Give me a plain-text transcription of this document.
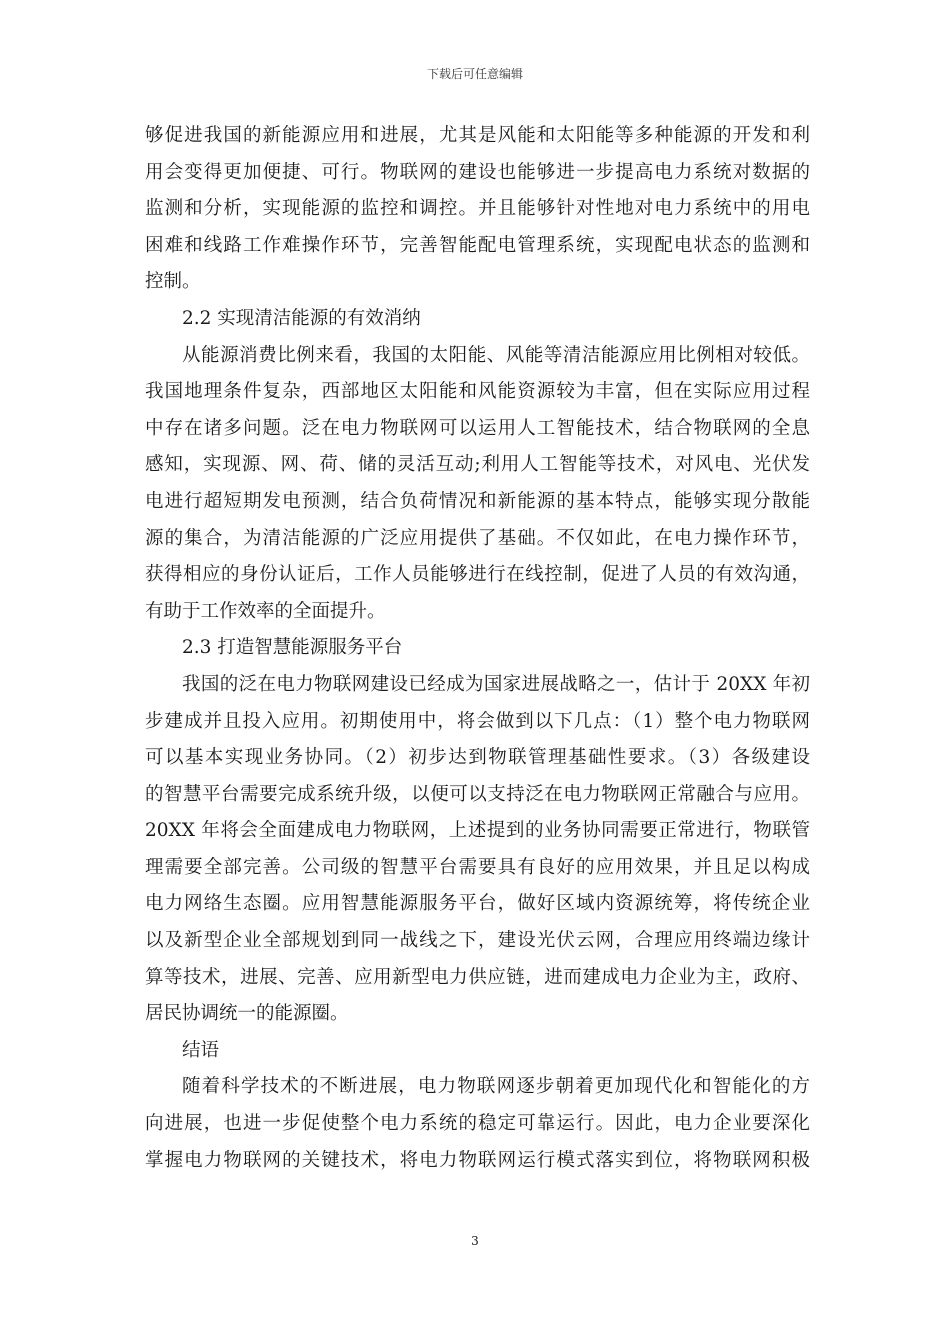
下载后可任意编辑
够促进我国的新能源应用和进展，尤其是风能和太阳能等多种能源的开发和利
用会变得更加便捷、可行。物联网的建设也能够进一步提高电力系统对数据的
监测和分析，实现能源的监控和调控。并且能够针对性地对电力系统中的用电
困难和线路工作难操作环节，完善智能配电管理系统，实现配电状态的监测和
控制。
2.2 实现清洁能源的有效消纳
从能源消费比例来看，我国的太阳能、风能等清洁能源应用比例相对较低。
我国地理条件复杂，西部地区太阳能和风能资源较为丰富，但在实际应用过程
中存在诸多问题。泛在电力物联网可以运用人工智能技术，结合物联网的全息
感知，实现源、网、荷、储的灵活互动;利用人工智能等技术，对风电、光伏发
电进行超短期发电预测，结合负荷情况和新能源的基本特点，能够实现分散能
源的集合，为清洁能源的广泛应用提供了基础。不仅如此，在电力操作环节，
获得相应的身份认证后，工作人员能够进行在线控制，促进了人员的有效沟通，
有助于工作效率的全面提升。
2.3 打造智慧能源服务平台
我国的泛在电力物联网建设已经成为国家进展战略之一，估计于 20XX 年初
步建成并且投入应用。初期使用中，将会做到以下几点：（1）整个电力物联网
可以基本实现业务协同。（2）初步达到物联管理基础性要求。（3）各级建设
的智慧平台需要完成系统升级，以便可以支持泛在电力物联网正常融合与应用。
20XX 年将会全面建成电力物联网，上述提到的业务协同需要正常进行，物联管
理需要全部完善。公司级的智慧平台需要具有良好的应用效果，并且足以构成
电力网络生态圈。应用智慧能源服务平台，做好区域内资源统筹，将传统企业
以及新型企业全部规划到同一战线之下，建设光伏云网，合理应用终端边缘计
算等技术，进展、完善、应用新型电力供应链，进而建成电力企业为主，政府、
居民协调统一的能源圈。
结语
随着科学技术的不断进展，电力物联网逐步朝着更加现代化和智能化的方
向进展，也进一步促使整个电力系统的稳定可靠运行。因此，电力企业要深化
掌握电力物联网的关键技术，将电力物联网运行模式落实到位，将物联网积极
3
